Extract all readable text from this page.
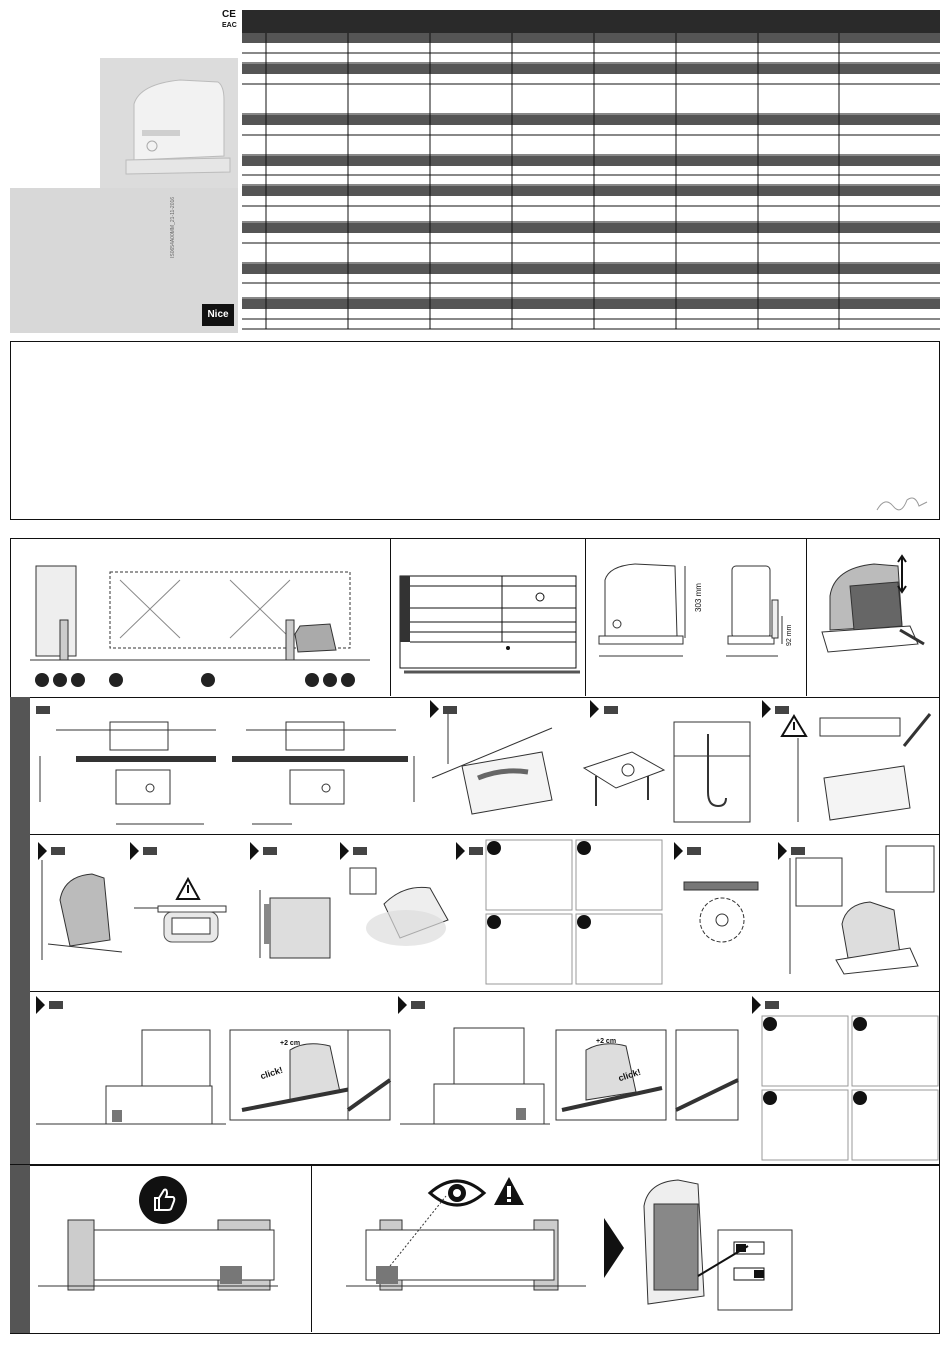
CE
EAC
IS0654A00MM_21-11-2016
Nice
303 mm
92 mm
+2 cm
click!
+2 cm
click!
